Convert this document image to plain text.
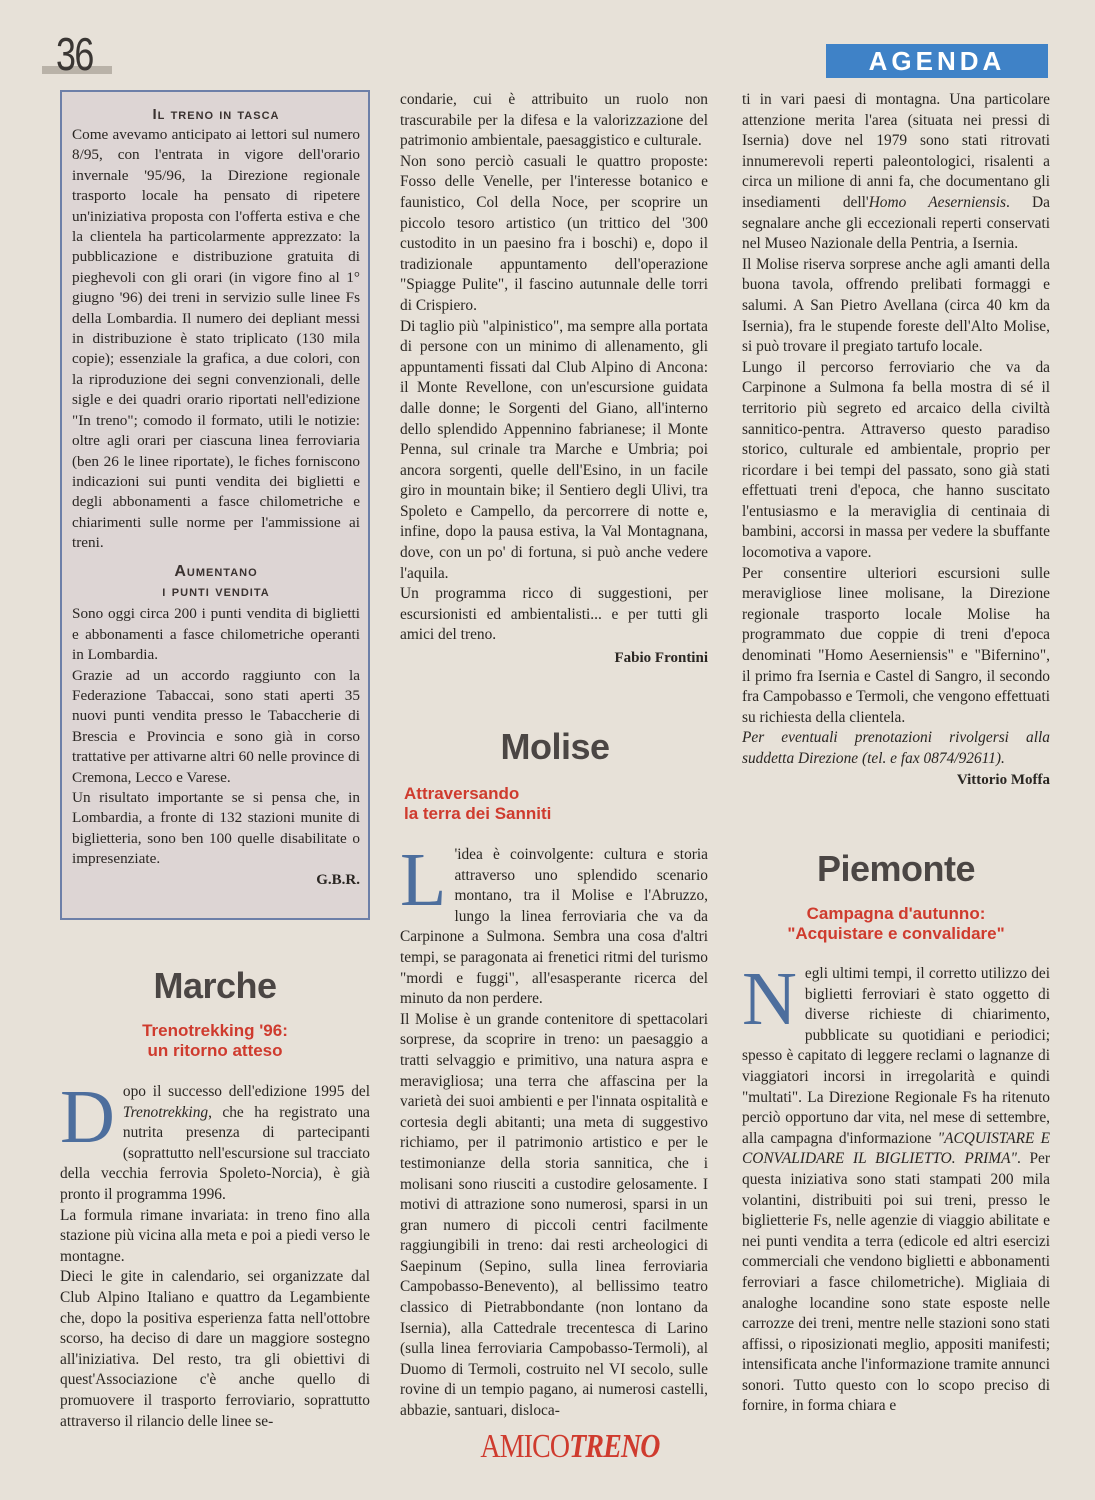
36	AGENDA
Il treno in tasca

Come avevamo anticipato ai lettori sul numero 8/95, con l'entrata in vigore dell'orario invernale '95/96, la Direzione regionale trasporto locale ha pensato di ripetere un'iniziativa proposta con l'offerta estiva e che la clientela ha particolarmente apprezzato: la pubblicazione e distribuzione gratuita di pieghevoli con gli orari (in vigore fino al 1° giugno '96) dei treni in servizio sulle linee Fs della Lombardia. Il numero dei depliant messi in distribuzione è stato triplicato (130 mila copie); essenziale la grafica, a due colori, con la riproduzione dei segni convenzionali, delle sigle e dei quadri orario riportati nell'edizione "In treno"; comodo il formato, utili le notizie: oltre agli orari per ciascuna linea ferroviaria (ben 26 le linee riportate), le fiches forniscono indicazioni sui punti vendita dei biglietti e degli abbonamenti a fasce chilometriche e chiarimenti sulle norme per l'ammissione ai treni.

Aumentano
i punti vendita

Sono oggi circa 200 i punti vendita di biglietti e abbonamenti a fasce chilometriche operanti in Lombardia.

Grazie ad un accordo raggiunto con la Federazione Tabaccai, sono stati aperti 35 nuovi punti vendita presso le Tabaccherie di Brescia e Provincia e sono già in corso trattative per attivarne altri 60 nelle province di Cremona, Lecco e Varese.

Un risultato importante se si pensa che, in Lombardia, a fronte di 132 stazioni munite di biglietteria, sono ben 100 quelle disabilitate o impresenziate.

G.B.R.
Marche
Trenotrekking '96:
un ritorno atteso

Dopo il successo dell'edizione 1995 del Trenotrekking, che ha registrato una nutrita presenza di partecipanti (soprattutto nell'escursione sul tracciato della vecchia ferrovia Spoleto-Norcia), è già pronto il programma 1996.

La formula rimane invariata: in treno fino alla stazione più vicina alla meta e poi a piedi verso le montagne.

Dieci le gite in calendario, sei organizzate dal Club Alpino Italiano e quattro da Legambiente che, dopo la positiva esperienza fatta nell'ottobre scorso, ha deciso di dare un maggiore sostegno all'iniziativa. Del resto, tra gli obiettivi di quest'Associazione c'è anche quello di promuovere il trasporto ferroviario, soprattutto attraverso il rilancio delle linee se-

condarie, cui è attribuito un ruolo non trascurabile per la difesa e la valorizzazione del patrimonio ambientale, paesaggistico e culturale.

Non sono perciò casuali le quattro proposte: Fosso delle Venelle, per l'interesse botanico e faunistico, Col della Noce, per scoprire un piccolo tesoro artistico (un trittico del '300 custodito in un paesino fra i boschi) e, dopo il tradizionale appuntamento dell'operazione "Spiagge Pulite", il fascino autunnale delle torri di Crispiero.

Di taglio più "alpinistico", ma sempre alla portata di persone con un minimo di allenamento, gli appuntamenti fissati dal Club Alpino di Ancona: il Monte Revellone, con un'escursione guidata dalle donne; le Sorgenti del Giano, all'interno dello splendido Appennino fabrianese; il Monte Penna, sul crinale tra Marche e Umbria; poi ancora sorgenti, quelle dell'Esino, in un facile giro in mountain bike; il Sentiero degli Ulivi, tra Spoleto e Campello, da percorrere di notte e, infine, dopo la pausa estiva, la Val Montagnana, dove, con un po' di fortuna, si può anche vedere l'aquila.

Un programma ricco di suggestioni, per escursionisti ed ambientalisti... e per tutti gli amici del treno.

Fabio Frontini
Molise
Attraversando
la terra dei Sanniti

L 'idea è coinvolgente: cultura e storia attraverso uno splendido scenario montano, tra il Molise e l'Abruzzo, lungo la linea ferroviaria che va da Carpinone a Sulmona. Sembra una cosa d'altri tempi, se paragonata ai frenetici ritmi del turismo "mordi e fuggi", all'esasperante ricerca del minuto da non perdere.

Il Molise è un grande contenitore di spettacolari sorprese, da scoprire in treno: un paesaggio a tratti selvaggio e primitivo, una natura aspra e meravigliosa; una terra che affascina per la varietà dei suoi ambienti e per l'innata ospitalità e cortesia degli abitanti; una meta di suggestivo richiamo, per il patrimonio artistico e per le testimonianze della storia sannitica, che i molisani sono riusciti a custodire gelosamente. I motivi di attrazione sono numerosi, sparsi in un gran numero di piccoli centri facilmente raggiungibili in treno: dai resti archeologici di Saepinum (Sepino, sulla linea ferroviaria Campobasso-Benevento), al bellissimo teatro classico di Pietrabbondante (non lontano da Isernia), alla Cattedrale trecentesca di Larino (sulla linea ferroviaria Campobasso-Termoli), al Duomo di Termoli, costruito nel VI secolo, sulle rovine di un tempio pagano, ai numerosi castelli, abbazie, santuari, disloca-

ti in vari paesi di montagna. Una particolare attenzione merita l'area (situata nei pressi di Isernia) dove nel 1979 sono stati ritrovati innumerevoli reperti paleontologici, risalenti a circa un milione di anni fa, che documentano gli insediamenti dell'Homo Aeserniensis. Da segnalare anche gli eccezionali reperti conservati nel Museo Nazionale della Pentria, a Isernia.

Il Molise riserva sorprese anche agli amanti della buona tavola, offrendo prelibati formaggi e salumi. A San Pietro Avellana (circa 40 km da Isernia), fra le stupende foreste dell'Alto Molise, si può trovare il pregiato tartufo locale.

Lungo il percorso ferroviario che va da Carpinone a Sulmona fa bella mostra di sé il territorio più segreto ed arcaico della civiltà sannitico-pentra. Attraverso questo paradiso storico, culturale ed ambientale, proprio per ricordare i bei tempi del passato, sono già stati effettuati treni d'epoca, che hanno suscitato l'entusiasmo e la meraviglia di centinaia di bambini, accorsi in massa per vedere la sbuffante locomotiva a vapore.

Per consentire ulteriori escursioni sulle meravigliose linee molisane, la Direzione regionale trasporto locale Molise ha programmato due coppie di treni d'epoca denominati "Homo Aeserniensis" e "Bifernino", il primo fra Isernia e Castel di Sangro, il secondo fra Campobasso e Termoli, che vengono effettuati su richiesta della clientela.

Per eventuali prenotazioni rivolgersi alla suddetta Direzione (tel. e fax 0874/92611).

Vittorio Moffa
Piemonte
Campagna d'autunno:
"Acquistare e convalidare"

Negli ultimi tempi, il corretto utilizzo dei biglietti ferroviari è stato oggetto di diverse richieste di chiarimento, pubblicate su quotidiani e periodici; spesso è capitato di leggere reclami o lagnanze di viaggiatori incorsi in irregolarità e quindi "multati". La Direzione Regionale Fs ha ritenuto perciò opportuno dar vita, nel mese di settembre, alla campagna d'informazione "ACQUISTARE E CONVALIDARE IL BIGLIETTO. PRIMA". Per questa iniziativa sono stati stampati 200 mila volantini, distribuiti poi sui treni, presso le biglietterie Fs, nelle agenzie di viaggio abilitate e nei punti vendita a terra (edicole ed altri esercizi commerciali che vendono biglietti e abbonamenti ferroviari a fasce chilometriche). Migliaia di analoghe locandine sono state esposte nelle carrozze dei treni, mentre nelle stazioni sono stati affissi, o riposizionati meglio, appositi manifesti; intensificata anche l'informazione tramite annunci sonori. Tutto questo con lo scopo preciso di fornire, in forma chiara e

AMICOTRENO
